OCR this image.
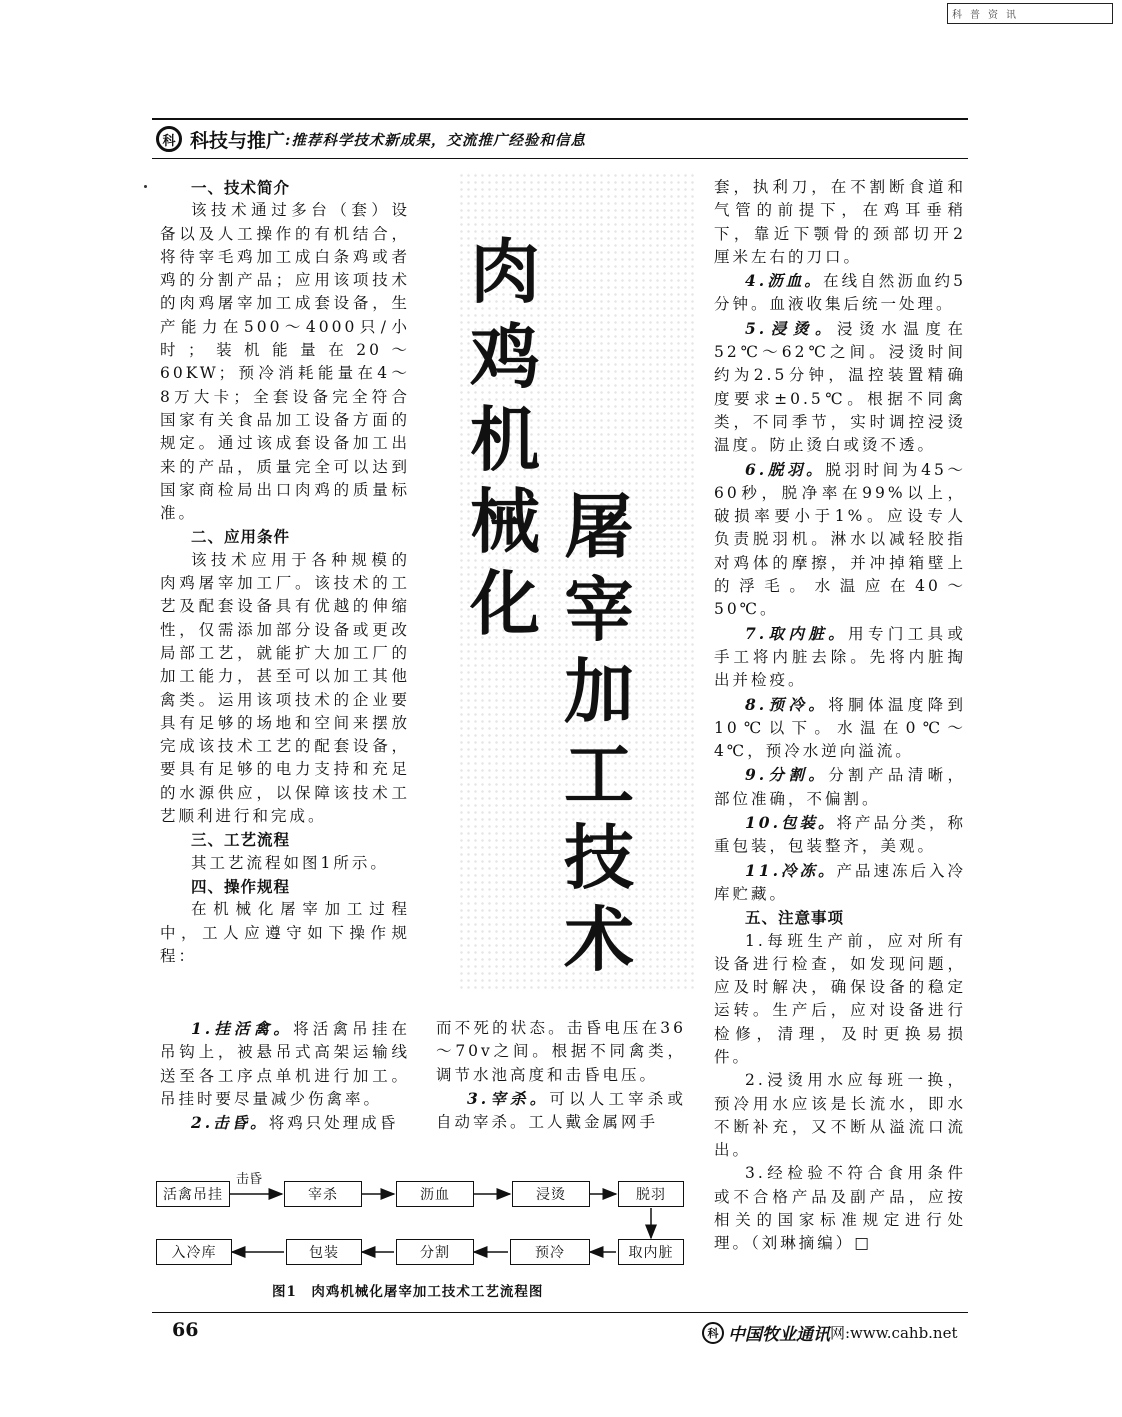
科普资讯
科 科技与推广 :推荐科学技术新成果，交流推广经验和信息
一、技术简介

该技术通过多台（套）设备以及人工操作的有机结合，将待宰毛鸡加工成白条鸡或者鸡的分割产品；应用该项技术的肉鸡屠宰加工成套设备，生产能力在500～4000只/小时；装机能量在20～60KW；预冷消耗能量在4～8万大卡；全套设备完全符合国家有关食品加工设备方面的规定。通过该成套设备加工出来的产品，质量完全可以达到国家商检局出口肉鸡的质量标准。

二、应用条件

该技术应用于各种规模的肉鸡屠宰加工厂。该技术的工艺及配套设备具有优越的伸缩性，仅需添加部分设备或更改局部工艺，就能扩大加工厂的加工能力，甚至可以加工其他禽类。运用该项技术的企业要具有足够的场地和空间来摆放完成该技术工艺的配套设备，要具有足够的电力支持和充足的水源供应，以保障该技术工艺顺利进行和完成。

三、工艺流程

其工艺流程如图1所示。

四、操作规程

在机械化屠宰加工过程中，工人应遵守如下操作规程：

1.挂活禽。将活禽吊挂在吊钩上，被悬吊式高架运输线送至各工序点单机进行加工。吊挂时要尽量减少伤禽率。

2.击昏。将鸡只处理成昏

而不死的状态。击昏电压在36～70v之间。根据不同禽类，调节水池高度和击昏电压。

3.宰杀。可以人工宰杀或自动宰杀。工人戴金属网手

肉
鸡
机
械
化
屠
宰
加
工
技
术

套，执利刀，在不割断食道和气管的前提下，在鸡耳垂稍下，靠近下颚骨的颈部切开2厘米左右的刀口。

4.沥血。在线自然沥血约5分钟。血液收集后统一处理。

5.浸烫。浸烫水温度在52℃～62℃之间。浸烫时间约为2.5分钟，温控装置精确度要求±0.5℃。根据不同禽类，不同季节，实时调控浸烫温度。防止烫白或烫不透。

6.脱羽。脱羽时间为45～60秒，脱净率在99%以上，破损率要小于1%。应设专人负责脱羽机。淋水以减轻胶指对鸡体的摩擦，并冲掉箱壁上的浮毛。水温应在40～50℃。

7.取内脏。用专门工具或手工将内脏去除。先将内脏掏出并检疫。

8.预冷。将胴体温度降到10℃以下。水温在0℃～4℃，预冷水逆向溢流。

9.分割。分割产品清晰，部位准确，不偏割。

10.包装。将产品分类，称重包装，包装整齐，美观。

11.冷冻。产品速冻后入冷库贮藏。

五、注意事项

1.每班生产前，应对所有设备进行检查，如发现问题，应及时解决，确保设备的稳定运转。生产后，应对设备进行检修，清理，及时更换易损件。

2.浸烫用水应每班一换，预冷用水应该是长流水，即水不断补充，又不断从溢流口流出。

3.经检验不符合食用条件或不合格产品及副产品，应按相关的国家标准规定进行处理。（刘琳摘编）□

击昏
活禽吊挂	宰杀	沥血	浸烫	脱羽
入冷库	包装	分割	预冷	取内脏
图1　肉鸡机械化屠宰加工技术工艺流程图
66	科 中国牧业通讯 网:www.cahb.net
